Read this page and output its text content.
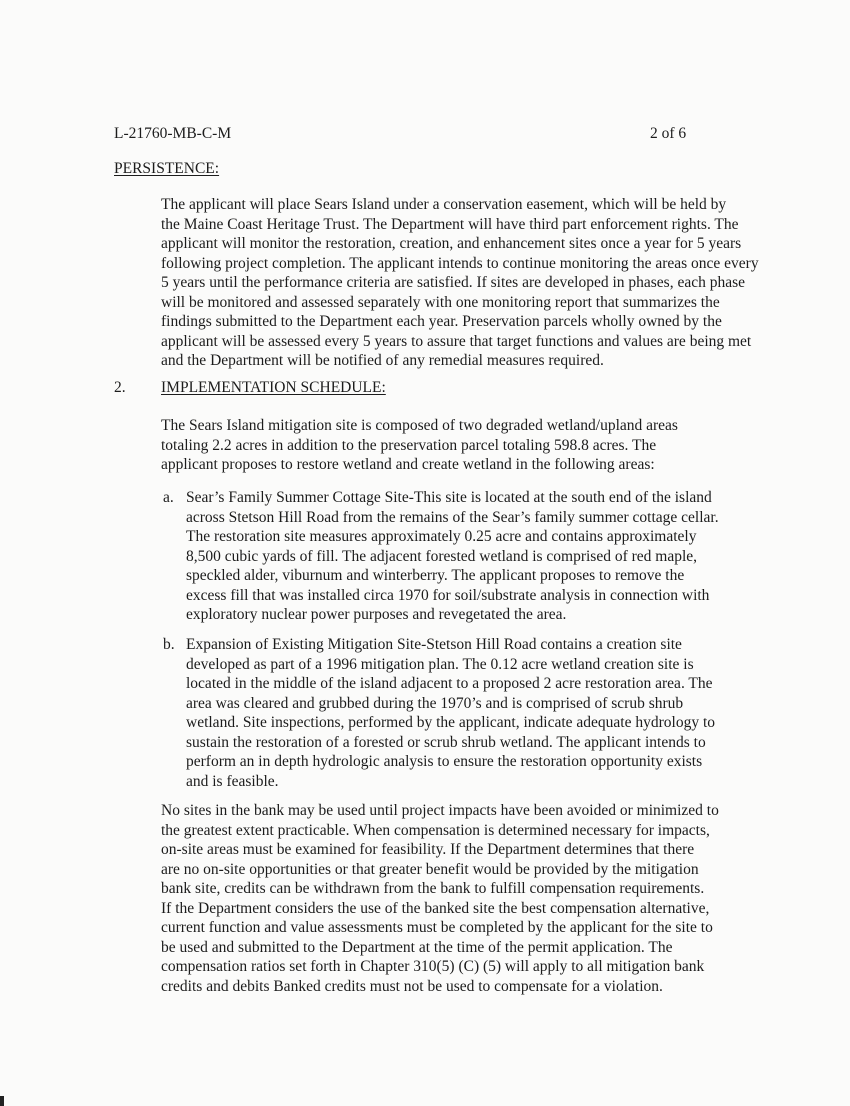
L-21760-MB-C-M	2 of 6
PERSISTENCE:

The applicant will place Sears Island under a conservation easement, which will be held by

the Maine Coast Heritage Trust. The Department will have third part enforcement rights. The

applicant will monitor the restoration, creation, and enhancement sites once a year for 5 years

following project completion. The applicant intends to continue monitoring the areas once every

5 years until the performance criteria are satisfied. If sites are developed in phases, each phase

will be monitored and assessed separately with one monitoring report that summarizes the

findings submitted to the Department each year. Preservation parcels wholly owned by the

applicant will be assessed every 5 years to assure that target functions and values are being met

and the Department will be notified of any remedial measures required.

2. IMPLEMENTATION SCHEDULE:

The Sears Island mitigation site is composed of two degraded wetland/upland areas

totaling 2.2 acres in addition to the preservation parcel totaling 598.8 acres. The

applicant proposes to restore wetland and create wetland in the following areas:

a. Sear’s Family Summer Cottage Site-This site is located at the south end of the island

across Stetson Hill Road from the remains of the Sear’s family summer cottage cellar.

The restoration site measures approximately 0.25 acre and contains approximately

8,500 cubic yards of fill. The adjacent forested wetland is comprised of red maple,

speckled alder, viburnum and winterberry. The applicant proposes to remove the

excess fill that was installed circa 1970 for soil/substrate analysis in connection with

exploratory nuclear power purposes and revegetated the area.

b. Expansion of Existing Mitigation Site-Stetson Hill Road contains a creation site

developed as part of a 1996 mitigation plan. The 0.12 acre wetland creation site is

located in the middle of the island adjacent to a proposed 2 acre restoration area. The

area was cleared and grubbed during the 1970’s and is comprised of scrub shrub

wetland. Site inspections, performed by the applicant, indicate adequate hydrology to

sustain the restoration of a forested or scrub shrub wetland. The applicant intends to

perform an in depth hydrologic analysis to ensure the restoration opportunity exists

and is feasible.

No sites in the bank may be used until project impacts have been avoided or minimized to

the greatest extent practicable. When compensation is determined necessary for impacts,

on-site areas must be examined for feasibility. If the Department determines that there

are no on-site opportunities or that greater benefit would be provided by the mitigation

bank site, credits can be withdrawn from the bank to fulfill compensation requirements.

If the Department considers the use of the banked site the best compensation alternative,

current function and value assessments must be completed by the applicant for the site to

be used and submitted to the Department at the time of the permit application. The

compensation ratios set forth in Chapter 310(5) (C) (5) will apply to all mitigation bank

credits and debits Banked credits must not be used to compensate for a violation.
